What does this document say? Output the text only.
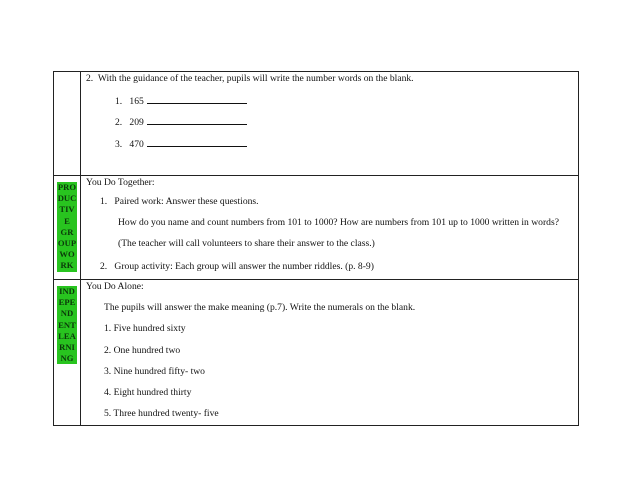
2. With the guidance of the teacher, pupils will write the number words on the blank.
1. 165
2. 209
3. 470
PRO
DUC
TIV
E
GR
OUP
WO
RK
You Do Together:
1. Paired work: Answer these questions.
How do you name and count numbers from 101 to 1000? How are numbers from 101 up to 1000 written in words?
(The teacher will call volunteers to share their answer to the class.)
2. Group activity: Each group will answer the number riddles. (p. 8-9)
IND
EPE
ND
ENT
LEA
RNI
NG
You Do Alone:
The pupils will answer the make meaning (p.7). Write the numerals on the blank.
1. Five hundred sixty
2. One hundred two
3. Nine hundred fifty- two
4. Eight hundred thirty
5. Three hundred twenty- five
